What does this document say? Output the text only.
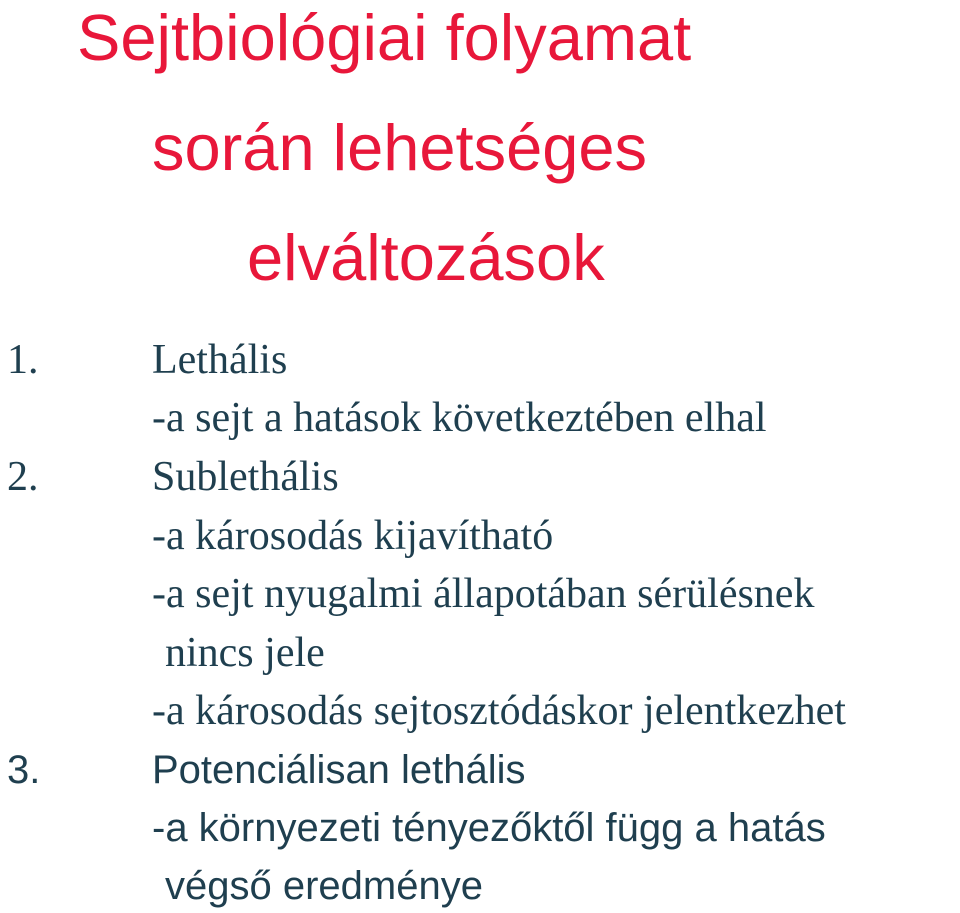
Sejtbiológiai folyamat
során lehetséges
elváltozások
1.	Lethális
-a sejt a hatások következtében elhal
2.	Sublethális
-a károsodás kijavítható
-a sejt nyugalmi állapotában sérülésnek
nincs jele
-a károsodás sejtosztódáskor jelentkezhet
3.	Potenciálisan lethális
-a környezeti tényezőktől függ a hatás
végső eredménye
